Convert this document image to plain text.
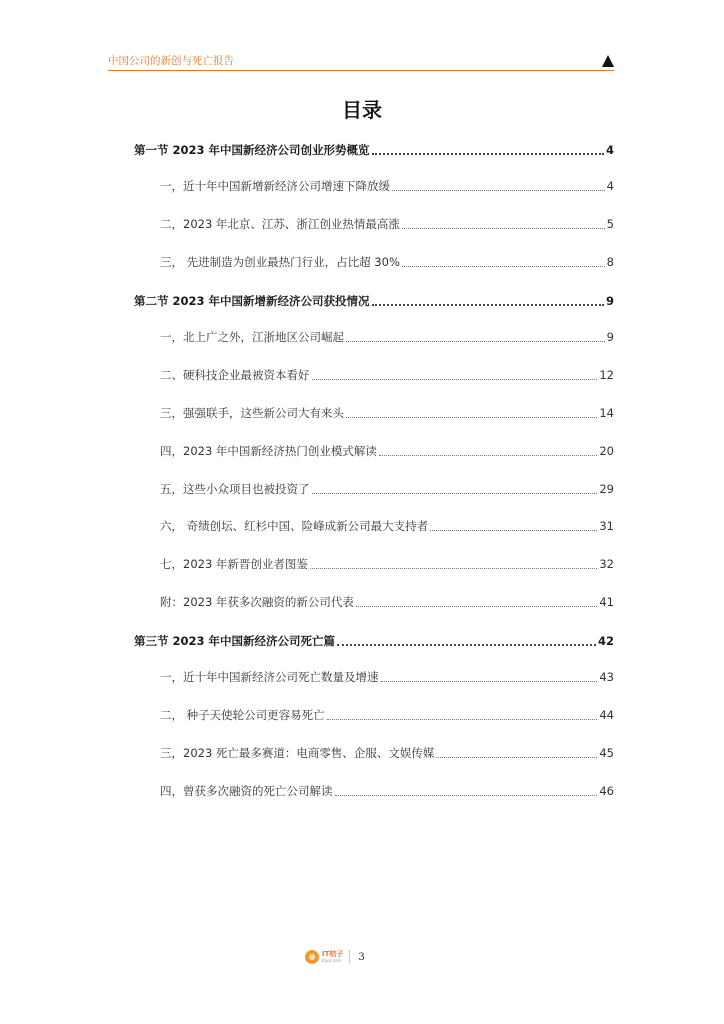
中国公司的新创与死亡报告
目录
第一节 2023 年中国新经济公司创业形势概览	4
一，近十年中国新增新经济公司增速下降放缓	4
二，2023 年北京、江苏、浙江创业热情最高涨	5
三， 先进制造为创业最热门行业，占比超 30%	8
第二节 2023 年中国新增新经济公司获投情况	9
一，北上广之外，江浙地区公司崛起	9
二、硬科技企业最被资本看好	12
三，强强联手，这些新公司大有来头	14
四，2023 年中国新经济热门创业模式解读	20
五，这些小众项目也被投资了	29
六， 奇绩创坛、红杉中国、险峰成新公司最大支持者	31
七，2023 年新晋创业者图鉴	32
附：2023 年获多次融资的新公司代表	41
第三节 2023 年中国新经济公司死亡篇	42
一，近十年中国新经济公司死亡数量及增速	43
二， 种子天使轮公司更容易死亡	44
三，2023 死亡最多赛道：电商零售、企服、文娱传媒	45
四，曾获多次融资的死亡公司解读	46
IT桔子
itjuzi.com 3
